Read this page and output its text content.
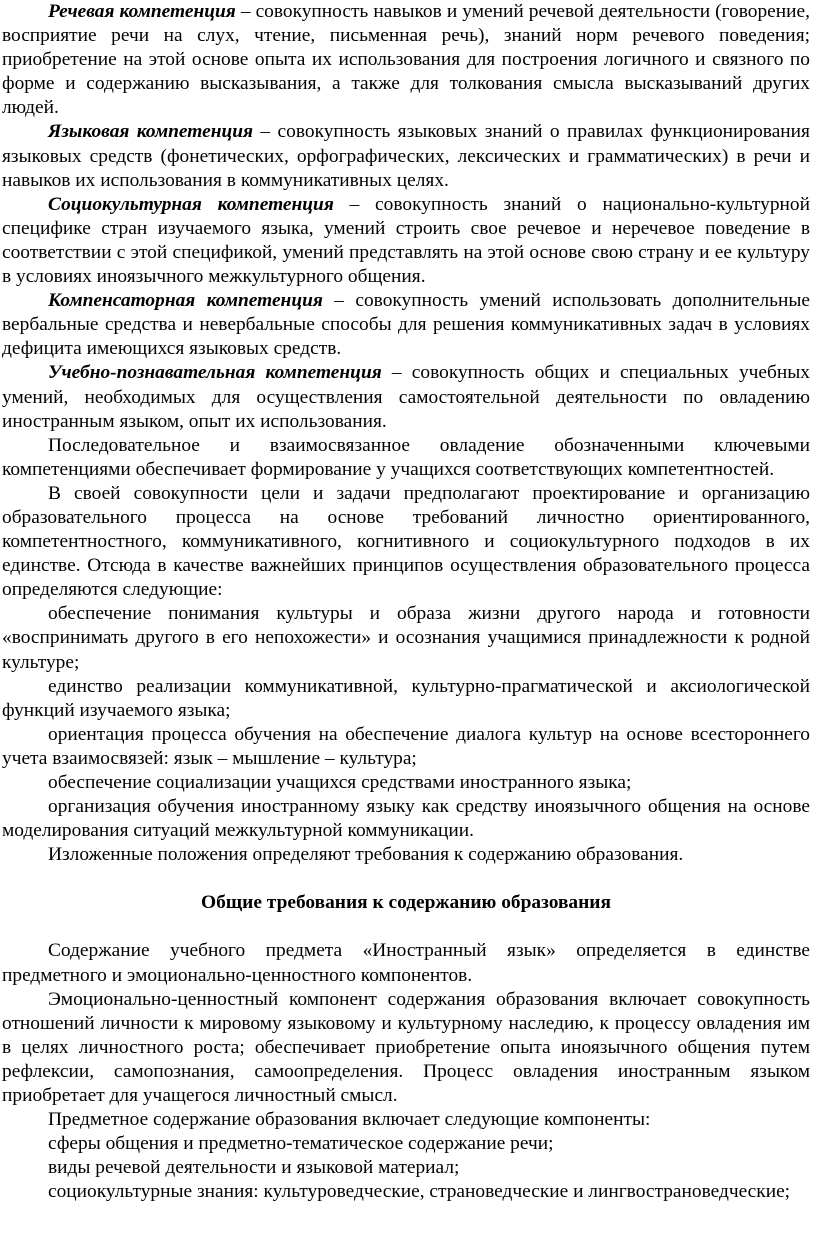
Речевая компетенция – совокупность навыков и умений речевой деятельности (говорение, восприятие речи на слух, чтение, письменная речь), знаний норм речевого поведения; приобретение на этой основе опыта их использования для построения логичного и связного по форме и содержанию высказывания, а также для толкования смысла высказываний других людей.

Языковая компетенция – совокупность языковых знаний о правилах функционирования языковых средств (фонетических, орфографических, лексических и грамматических) в речи и навыков их использования в коммуникативных целях.

Социокультурная компетенция – совокупность знаний о национально-культурной специфике стран изучаемого языка, умений строить свое речевое и неречевое поведение в соответствии с этой спецификой, умений представлять на этой основе свою страну и ее культуру в условиях иноязычного межкультурного общения.

Компенсаторная компетенция – совокупность умений использовать дополнительные вербальные средства и невербальные способы для решения коммуникативных задач в условиях дефицита имеющихся языковых средств.

Учебно-познавательная компетенция – совокупность общих и специальных учебных умений, необходимых для осуществления самостоятельной деятельности по овладению иностранным языком, опыт их использования.

Последовательное и взаимосвязанное овладение обозначенными ключевыми компетенциями обеспечивает формирование у учащихся соответствующих компетентностей.

В своей совокупности цели и задачи предполагают проектирование и организацию образовательного процесса на основе требований личностно ориентированного, компетентностного, коммуникативного, когнитивного и социокультурного подходов в их единстве. Отсюда в качестве важнейших принципов осуществления образовательного процесса определяются следующие:

обеспечение понимания культуры и образа жизни другого народа и готовности «воспринимать другого в его непохожести» и осознания учащимися принадлежности к родной культуре;

единство реализации коммуникативной, культурно-прагматической и аксиологической функций изучаемого языка;

ориентация процесса обучения на обеспечение диалога культур на основе всестороннего учета взаимосвязей: язык – мышление – культура;

обеспечение социализации учащихся средствами иностранного языка;

организация обучения иностранному языку как средству иноязычного общения на основе моделирования ситуаций межкультурной коммуникации.

Изложенные положения определяют требования к содержанию образования.

Общие требования к содержанию образования

Содержание учебного предмета «Иностранный язык» определяется в единстве предметного и эмоционально-ценностного компонентов.

Эмоционально-ценностный компонент содержания образования включает совокупность отношений личности к мировому языковому и культурному наследию, к процессу овладения им в целях личностного роста; обеспечивает приобретение опыта иноязычного общения путем рефлексии, самопознания, самоопределения. Процесс овладения иностранным языком приобретает для учащегося личностный смысл.

Предметное содержание образования включает следующие компоненты:

сферы общения и предметно-тематическое содержание речи;

виды речевой деятельности и языковой материал;

социокультурные знания: культуроведческие, страноведческие и лингвострановедческие;
